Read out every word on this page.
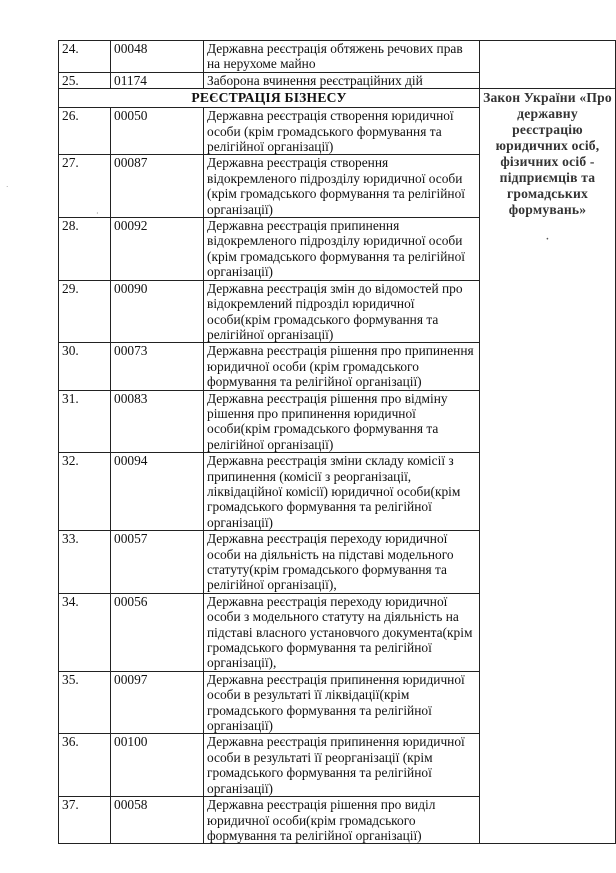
24.	00048	Державна реєстрація обтяжень речових прав на нерухоме майно	
25.	01174	Заборона вчинення реєстраційних дій	
РЕЄСТРАЦІЯ БІЗНЕСУ			Закон України «Про державну реєстрацію юридичних осіб, фізичних осіб - підприємців та громадських формувань»
·

26.	00050	Державна реєстрація створення юридичної особи (крім громадського формування та релігійної організації)	
27.	00087	Державна реєстрація створення відокремленого підрозділу юридичної особи (крім громадського формування та релігійної організації)	
28.	00092	Державна реєстрація припинення відокремленого підрозділу юридичної особи (крім громадського формування та релігійної організації)	
29.	00090	Державна реєстрація змін до відомостей про відокремлений підрозділ юридичної особи(крім громадського формування та релігійної організації)	
30.	00073	Державна реєстрація рішення про припинення юридичної особи (крім громадського формування та релігійної організації)	
31.	00083	Державна реєстрація рішення про відміну рішення про припинення юридичної особи(крім громадського формування та релігійної організації)	
32.	00094	Державна реєстрація зміни складу комісії з припинення (комісії з реорганізації, ліквідаційної комісії) юридичної особи(крім громадського формування та релігійної організації)	
33.	00057	Державна реєстрація переходу юридичної особи на діяльність на підставі модельного статуту(крім громадського формування та релігійної організації),	
34.	00056	Державна реєстрація переходу юридичної особи з модельного статуту на діяльність на підставі власного установчого документа(крім громадського формування та релігійної організації),	
35.	00097	Державна реєстрація припинення юридичної особи в результаті її ліквідації(крім громадського формування та релігійної організації)	
36.	00100	Державна реєстрація припинення юридичної особи в результаті її реорганізації (крім громадського формування та релігійної організації)	
37.	00058	Державна реєстрація рішення про виділ юридичної особи(крім громадського формування та релігійної організації)	
·
·
